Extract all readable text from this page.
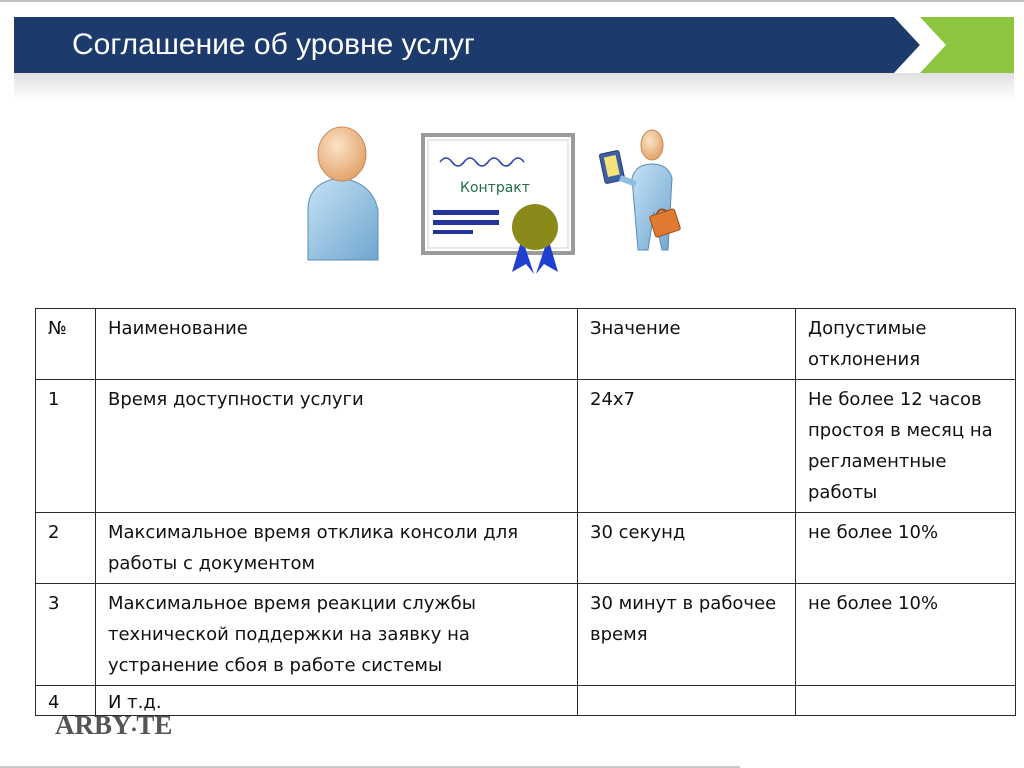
Соглашение об уровне услуг
Контракт
№	Наименование	Значение	Допустимые отклонения
1	Время доступности услуги	24x7	Не более 12 часов простоя в месяц на регламентные работы
2	Максимальное время отклика консоли для работы с документом	30 секунд	не более 10%
3	Максимальное время реакции службы технической поддержки на заявку на устранение сбоя в работе системы	30 минут в рабочее время	не более 10%
4	И т.д.		
ARBY•TE
